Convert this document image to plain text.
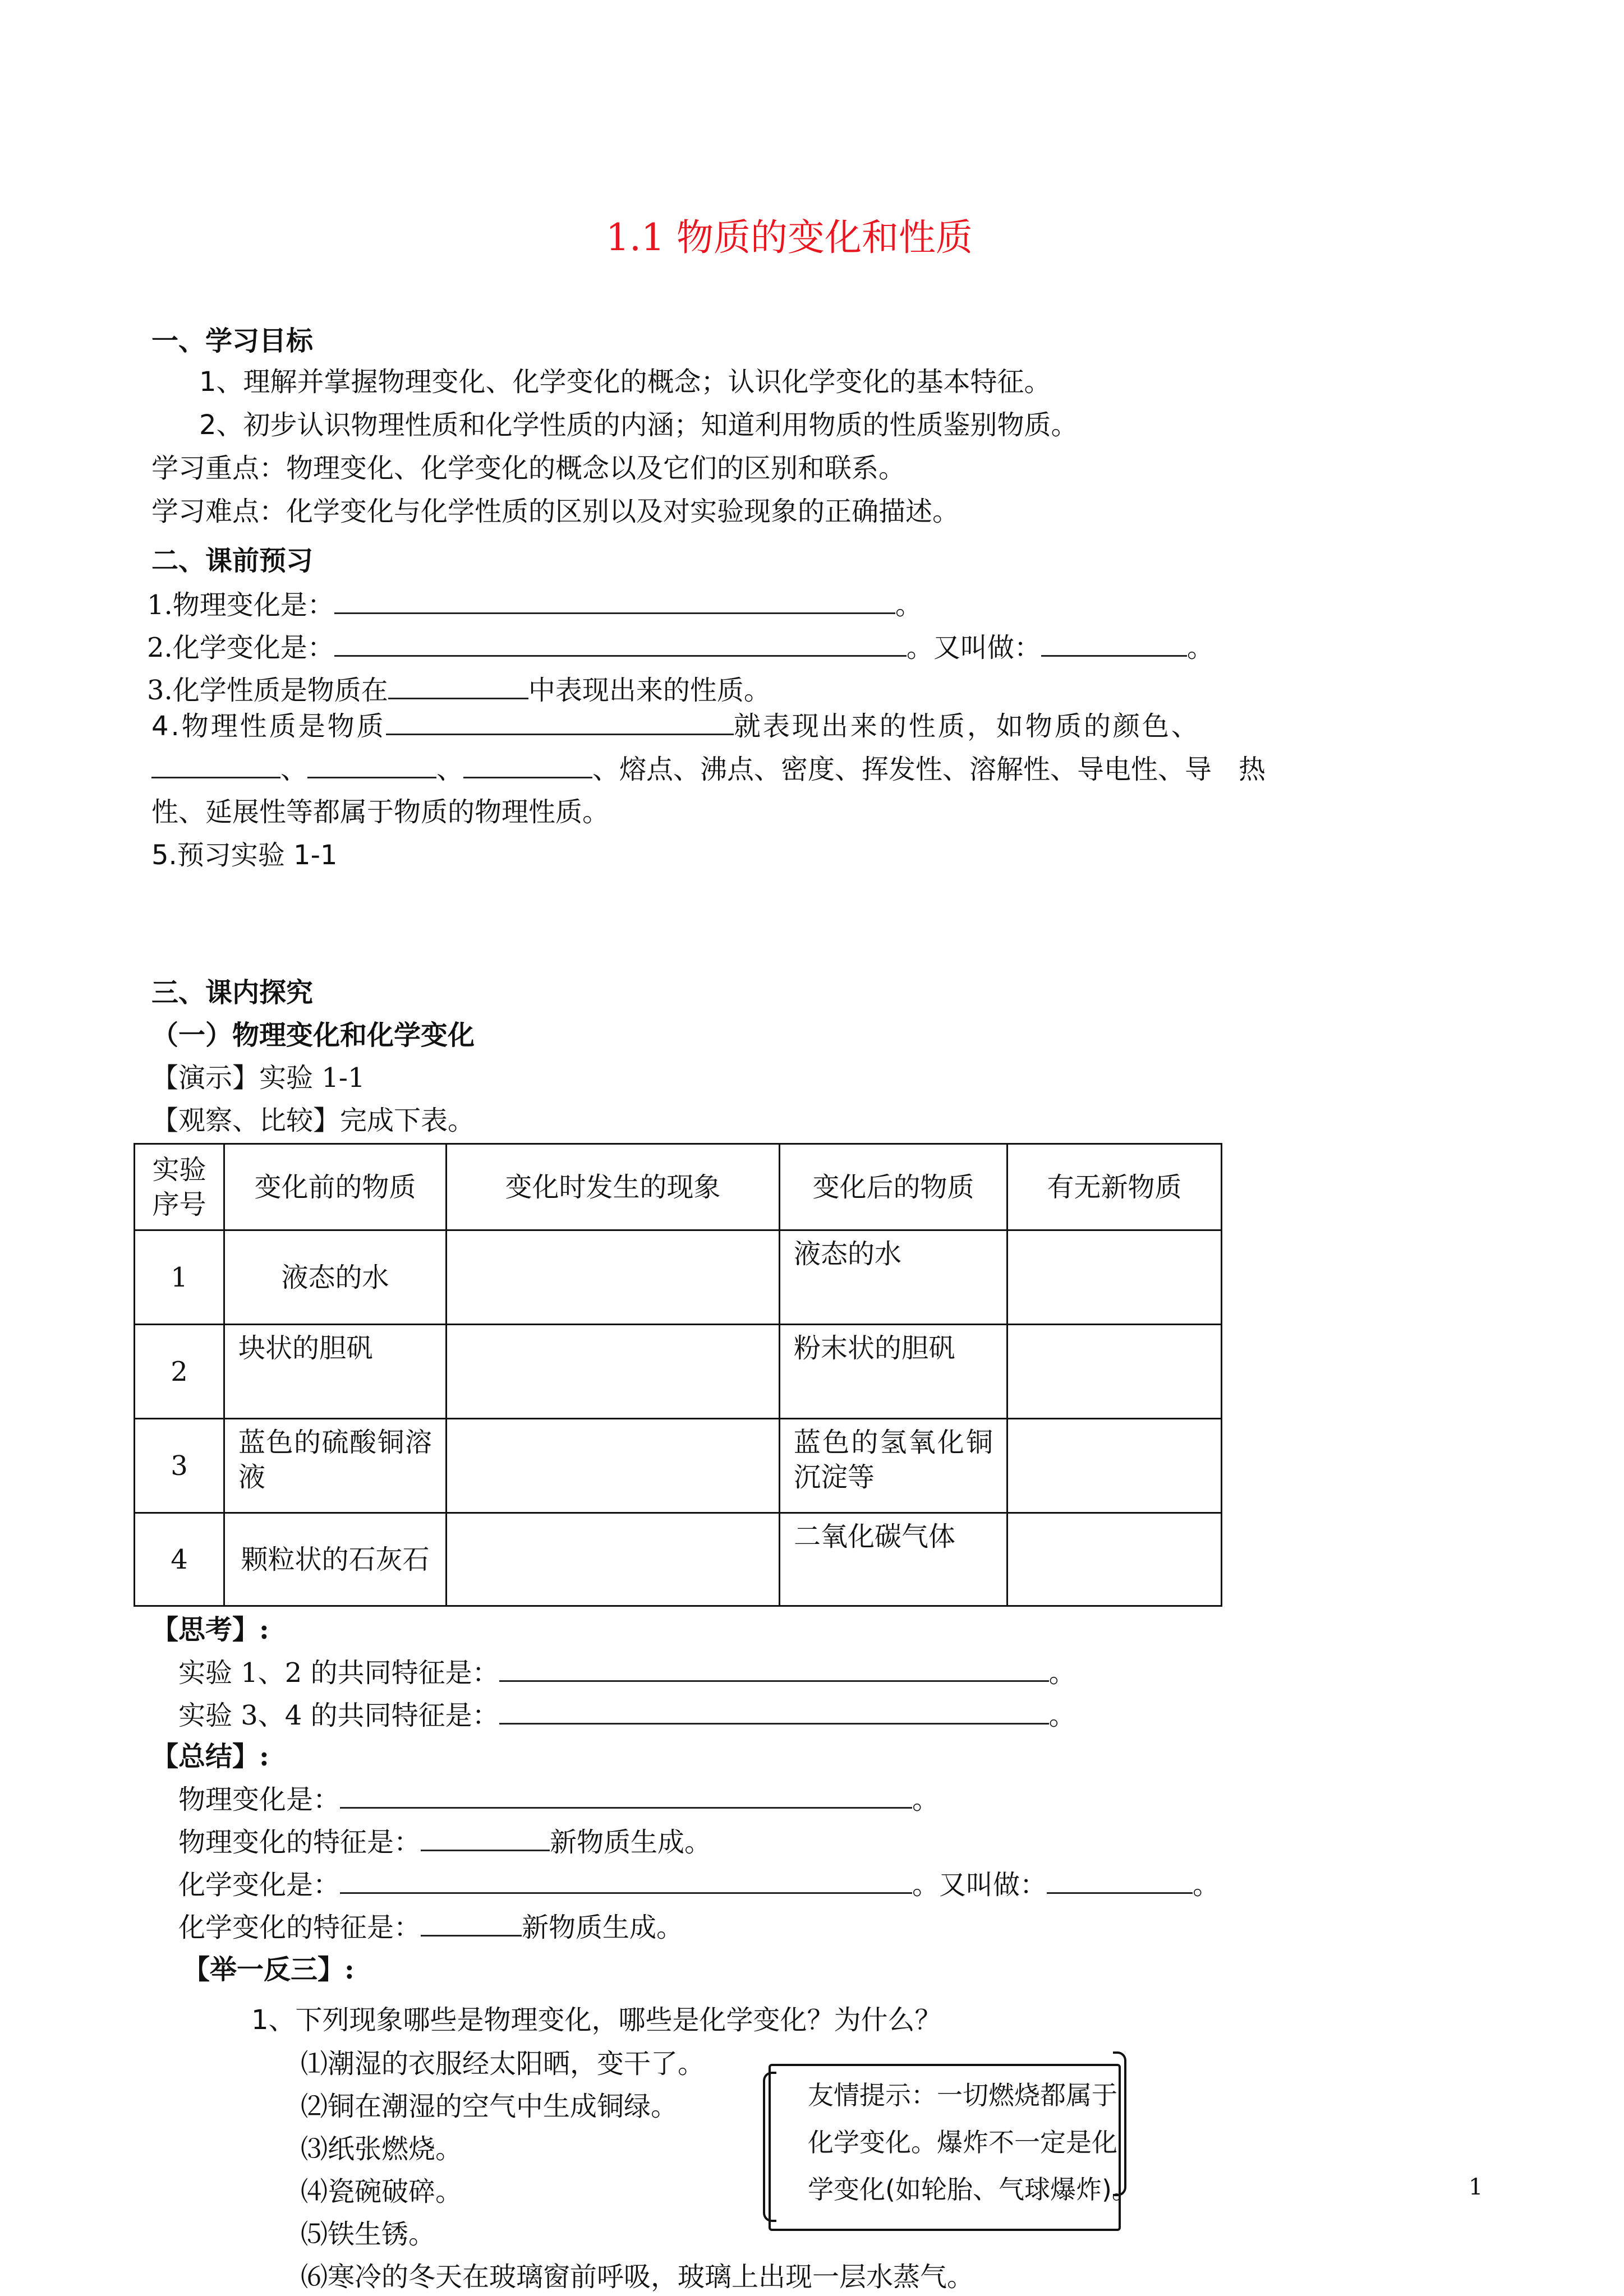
1.1 物质的变化和性质
一、学习目标
1、理解并掌握物理变化、化学变化的概念；认识化学变化的基本特征。
2、初步认识物理性质和化学性质的内涵；知道利用物质的性质鉴别物质。
学习重点：物理变化、化学变化的概念以及它们的区别和联系。
学习难点：化学变化与化学性质的区别以及对实验现象的正确描述。
二、课前预习
1.物理变化是：	。
2.化学变化是：	。又叫做：	。
3.化学性质是物质在	中表现出来的性质。
4.物理性质是物质	就表现出来的性质，如物质的颜色、
、	、	、熔点、沸点、密度、挥发性、溶解性、导电性、导　热
性、延展性等都属于物质的物理性质。
5.预习实验 1-1
三、课内探究
（一）物理变化和化学变化
【演示】实验 1-1
【观察、比较】完成下表。
实验序号	变化前的物质	变化时发生的现象	变化后的物质	有无新物质
1	液态的水		液态的水	
2	块状的胆矾		粉末状的胆矾	
3	蓝色的硫酸铜溶液		蓝色的氢氧化铜沉淀等	
4	颗粒状的石灰石		二氧化碳气体	
【思考】:
实验 1、2 的共同特征是：	。
实验 3、4 的共同特征是：	。
【总结】:
物理变化是：	。
物理变化的特征是：	新物质生成。
化学变化是：	。又叫做：	。
化学变化的特征是：	新物质生成。
【举一反三】:
1、下列现象哪些是物理变化，哪些是化学变化？为什么？
⑴潮湿的衣服经太阳晒，变干了。
⑵铜在潮湿的空气中生成铜绿。
⑶纸张燃烧。
⑷瓷碗破碎。
⑸铁生锈。
⑹寒冷的冬天在玻璃窗前呼吸，玻璃上出现一层水蒸气。
友情提示：一切燃烧都属于
化学变化。爆炸不一定是化
学变化(如轮胎、气球爆炸)。	1
